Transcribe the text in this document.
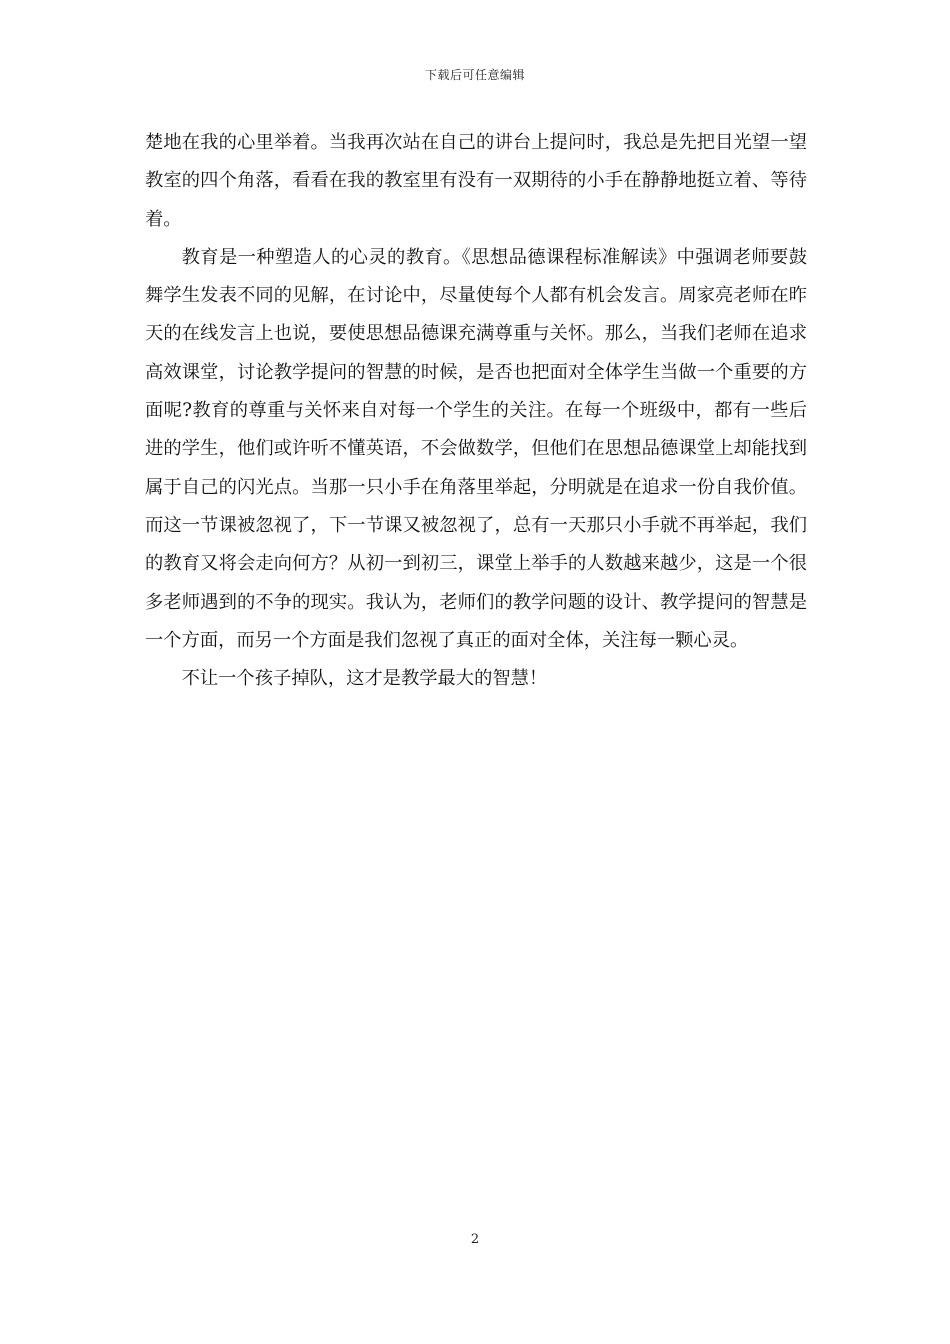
下载后可任意编辑

楚地在我的心里举着。当我再次站在自己的讲台上提问时，我总是先把目光望一望教室的四个角落，看看在我的教室里有没有一双期待的小手在静静地挺立着、等待着。

教育是一种塑造人的心灵的教育。《思想品德课程标准解读》中强调老师要鼓舞学生发表不同的见解，在讨论中，尽量使每个人都有机会发言。周家亮老师在昨天的在线发言上也说，要使思想品德课充满尊重与关怀。那么，当我们老师在追求高效课堂，讨论教学提问的智慧的时候，是否也把面对全体学生当做一个重要的方面呢?教育的尊重与关怀来自对每一个学生的关注。在每一个班级中，都有一些后进的学生，他们或许听不懂英语，不会做数学，但他们在思想品德课堂上却能找到属于自己的闪光点。当那一只小手在角落里举起，分明就是在追求一份自我价值。而这一节课被忽视了，下一节课又被忽视了，总有一天那只小手就不再举起，我们的教育又将会走向何方？从初一到初三，课堂上举手的人数越来越少，这是一个很多老师遇到的不争的现实。我认为，老师们的教学问题的设计、教学提问的智慧是一个方面，而另一个方面是我们忽视了真正的面对全体，关注每一颗心灵。

不让一个孩子掉队，这才是教学最大的智慧！

2
